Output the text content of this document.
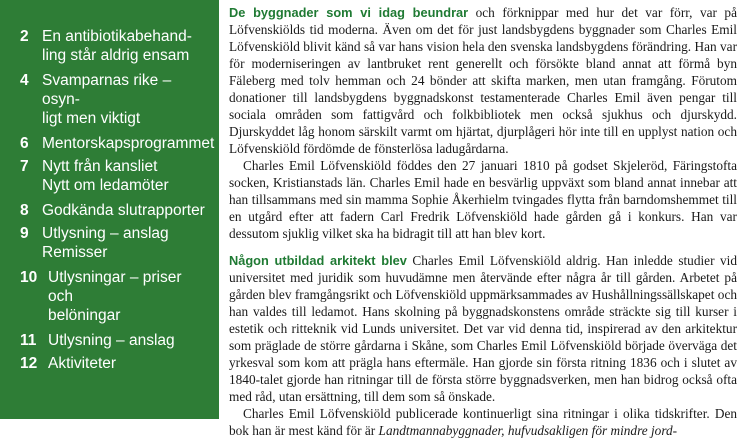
2 En antibiotikabehand-
ling står aldrig ensam
4 Svamparnas rike – osyn-
ligt men viktigt
6 Mentorskapsprogrammet
7 Nytt från kansliet
Nytt om ledamöter
8 Godkända slutrapporter
9 Utlysning – anslag
Remisser
10 Utlysningar – priser och
belöningar
11 Utlysning – anslag
12 Aktiviteter

De byggnader som vi idag beundrar och förknippar med hur det var förr, var på Löfvenskiölds tid moderna. Även om det för just landsbygdens byggnader som Charles Emil Löfvenskiöld blivit känd så var hans vision hela den svenska landsbygdens förändring. Han var för moderniseringen av lantbruket rent generellt och försökte bland annat att förmå byn Fäleberg med tolv hemman och 24 bönder att skifta marken, men utan framgång. Förutom donationer till landsbygdens byggnadskonst testamenterade Charles Emil även pengar till sociala områden som fattigvård och folkbibliotek men också sjukhus och djurskydd. Djurskyddet låg honom särskilt varmt om hjärtat, djurplågeri hör inte till en upplyst nation och Löfvenskiöld fördömde de fönsterlösa ladugårdarna.

Charles Emil Löfvenskiöld föddes den 27 januari 1810 på godset Skjeleröd, Färingstofta socken, Kristianstads län. Charles Emil hade en besvärlig uppväxt som bland annat innebar att han tillsammans med sin mamma Sophie Åkerhielm tvingades flytta från barndomshemmet till en utgård efter att fadern Carl Fredrik Löfvenskiöld hade gården gå i konkurs. Han var dessutom sjuklig vilket ska ha bidragit till att han blev kort.

Någon utbildad arkitekt blev Charles Emil Löfvenskiöld aldrig. Han inledde studier vid universitet med juridik som huvudämne men återvände efter några år till gården. Arbetet på gården blev framgångsrikt och Löfvenskiöld uppmärksammades av Hushållningssällskapet och han valdes till ledamot. Hans skolning på byggnadskonstens område sträckte sig till kurser i estetik och ritteknik vid Lunds universitet. Det var vid denna tid, inspirerad av den arkitektur som präglade de större gårdarna i Skåne, som Charles Emil Löfvenskiöld började överväga det yrkesval som kom att prägla hans eftermäle. Han gjorde sin första ritning 1836 och i slutet av 1840-talet gjorde han ritningar till de första större byggnadsverken, men han bidrog också ofta med råd, utan ersättning, till dem som så önskade.

Charles Emil Löfvenskiöld publicerade kontinuerligt sina ritningar i olika tidskrifter. Den bok han är mest känd för är Landtmannabyggnader, hufvudsakligen för mindre jord-
